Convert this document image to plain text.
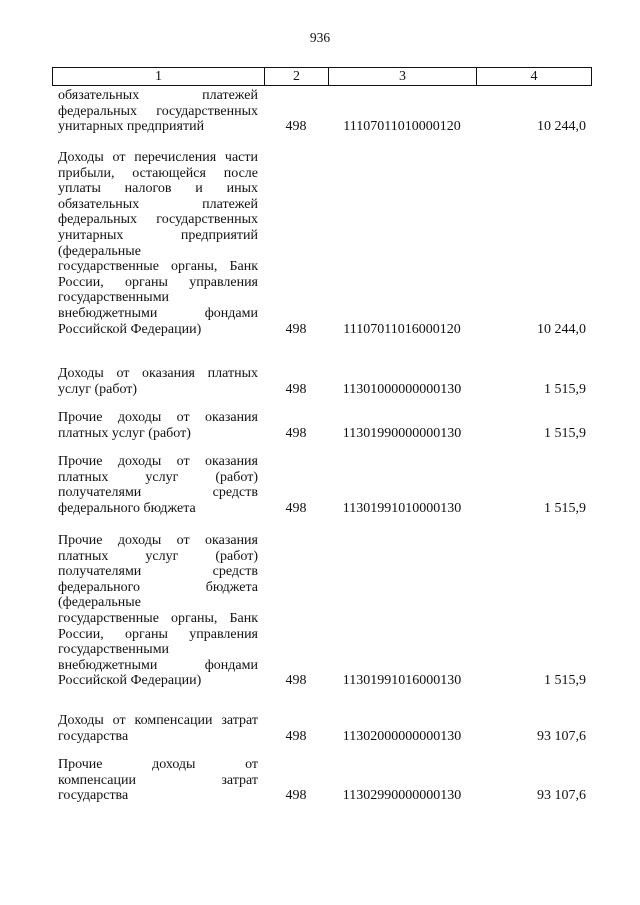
936
1	2	3	4
обязательных платежей
федеральных государственных
унитарных предприятий	498	11107011010000120	10 244,0
Доходы от перечисления части
прибыли, остающейся после
уплаты налогов и иных
обязательных платежей
федеральных государственных
унитарных предприятий
(федеральные
государственные органы, Банк
России, органы управления
государственными
внебюджетными фондами
Российской Федерации)	498	11107011016000120	10 244,0
Доходы от оказания платных
услуг (работ)	498	11301000000000130	1 515,9
Прочие доходы от оказания
платных услуг (работ)	498	11301990000000130	1 515,9
Прочие доходы от оказания
платных услуг (работ)
получателями средств
федерального бюджета	498	11301991010000130	1 515,9
Прочие доходы от оказания
платных услуг (работ)
получателями средств
федерального бюджета
(федеральные
государственные органы, Банк
России, органы управления
государственными
внебюджетными фондами
Российской Федерации)	498	11301991016000130	1 515,9
Доходы от компенсации затрат
государства	498	11302000000000130	93 107,6
Прочие доходы от
компенсации затрат
государства	498	11302990000000130	93 107,6
